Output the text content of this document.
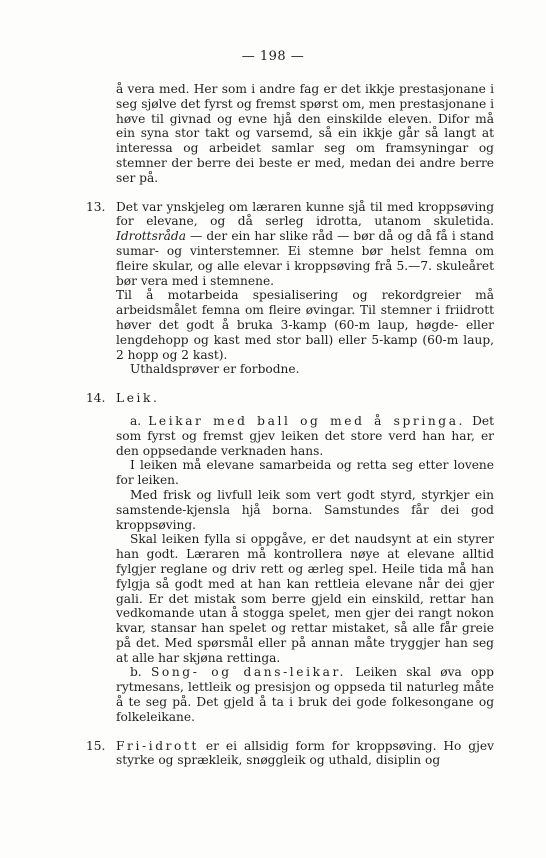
— 198 —

å vera med. Her som i andre fag er det ikkje prestasjonane i seg sjølve det fyrst og fremst spørst om, men prestasjonane i høve til givnad og evne hjå den einskilde eleven. Difor må ein syna stor takt og varsemd, så ein ikkje går så langt at interessa og arbeidet samlar seg om framsyningar og stemner der berre dei beste er med, medan dei andre berre ser på.

13. Det var ynskjeleg om læraren kunne sjå til med kroppsøving for elevane, og då serleg idrotta, utanom skuletida. Idrottsråda — der ein har slike råd — bør då og då få i stand sumar- og vinterstemner. Ei stemne bør helst femna om fleire skular, og alle elevar i kroppsøving frå 5.—7. skuleåret bør vera med i stemnene.

Til å motarbeida spesialisering og rekordgreier må arbeidsmålet femna om fleire øvingar. Til stemner i friidrott høver det godt å bruka 3-kamp (60-m laup, høgde- eller lengdehopp og kast med stor ball) eller 5-kamp (60-m laup, 2 hopp og 2 kast).

Uthaldsprøver er forbodne.

14. Leik.

a. Leikar med ball og med å springa. Det som fyrst og fremst gjev leiken det store verd han har, er den oppsedande verknaden hans.

I leiken må elevane samarbeida og retta seg etter lovene for leiken.

Med frisk og livfull leik som vert godt styrd, styrkjer ein samstende-kjensla hjå borna. Samstundes får dei god kroppsøving.

Skal leiken fylla si oppgåve, er det naudsynt at ein styrer han godt. Læraren må kontrollera nøye at elevane alltid fylgjer reglane og driv rett og ærleg spel. Heile tida må han fylgja så godt med at han kan rettleia elevane når dei gjer gali. Er det mistak som berre gjeld ein einskild, rettar han vedkomande utan å stogga spelet, men gjer dei rangt nokon kvar, stansar han spelet og rettar mistaket, så alle får greie på det. Med spørsmål eller på annan måte tryggjer han seg at alle har skjøna rettinga.

b. Song- og dans-leikar. Leiken skal øva opp rytmesans, lettleik og presisjon og oppseda til naturleg måte å te seg på. Det gjeld å ta i bruk dei gode folkesongane og folkeleikane.

15. Fri-idrott er ei allsidig form for kroppsøving. Ho gjev styrke og sprækleik, snøggleik og uthald, disiplin og
